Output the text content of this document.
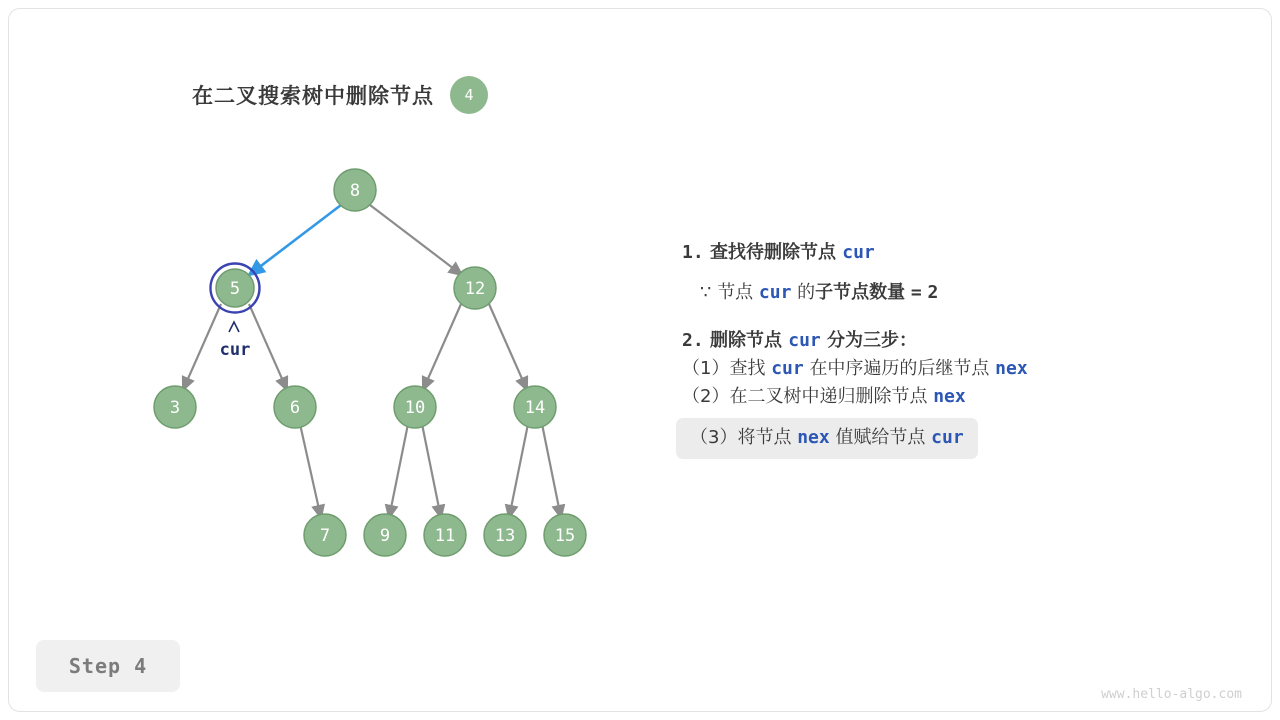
在二叉搜索树中删除节点	4
8
5	12
3	6	10	14
7	9	11 13 15
cur
1. 查找待删除节点 cur
∵ 节点 cur 的子节点数量 = 2
2. 删除节点 cur 分为三步：
（1）查找 cur 在中序遍历的后继节点 nex
（2）在二叉树中递归删除节点 nex
（3）将节点 nex 值赋给节点 cur
Step 4
www.hello-algo.com
